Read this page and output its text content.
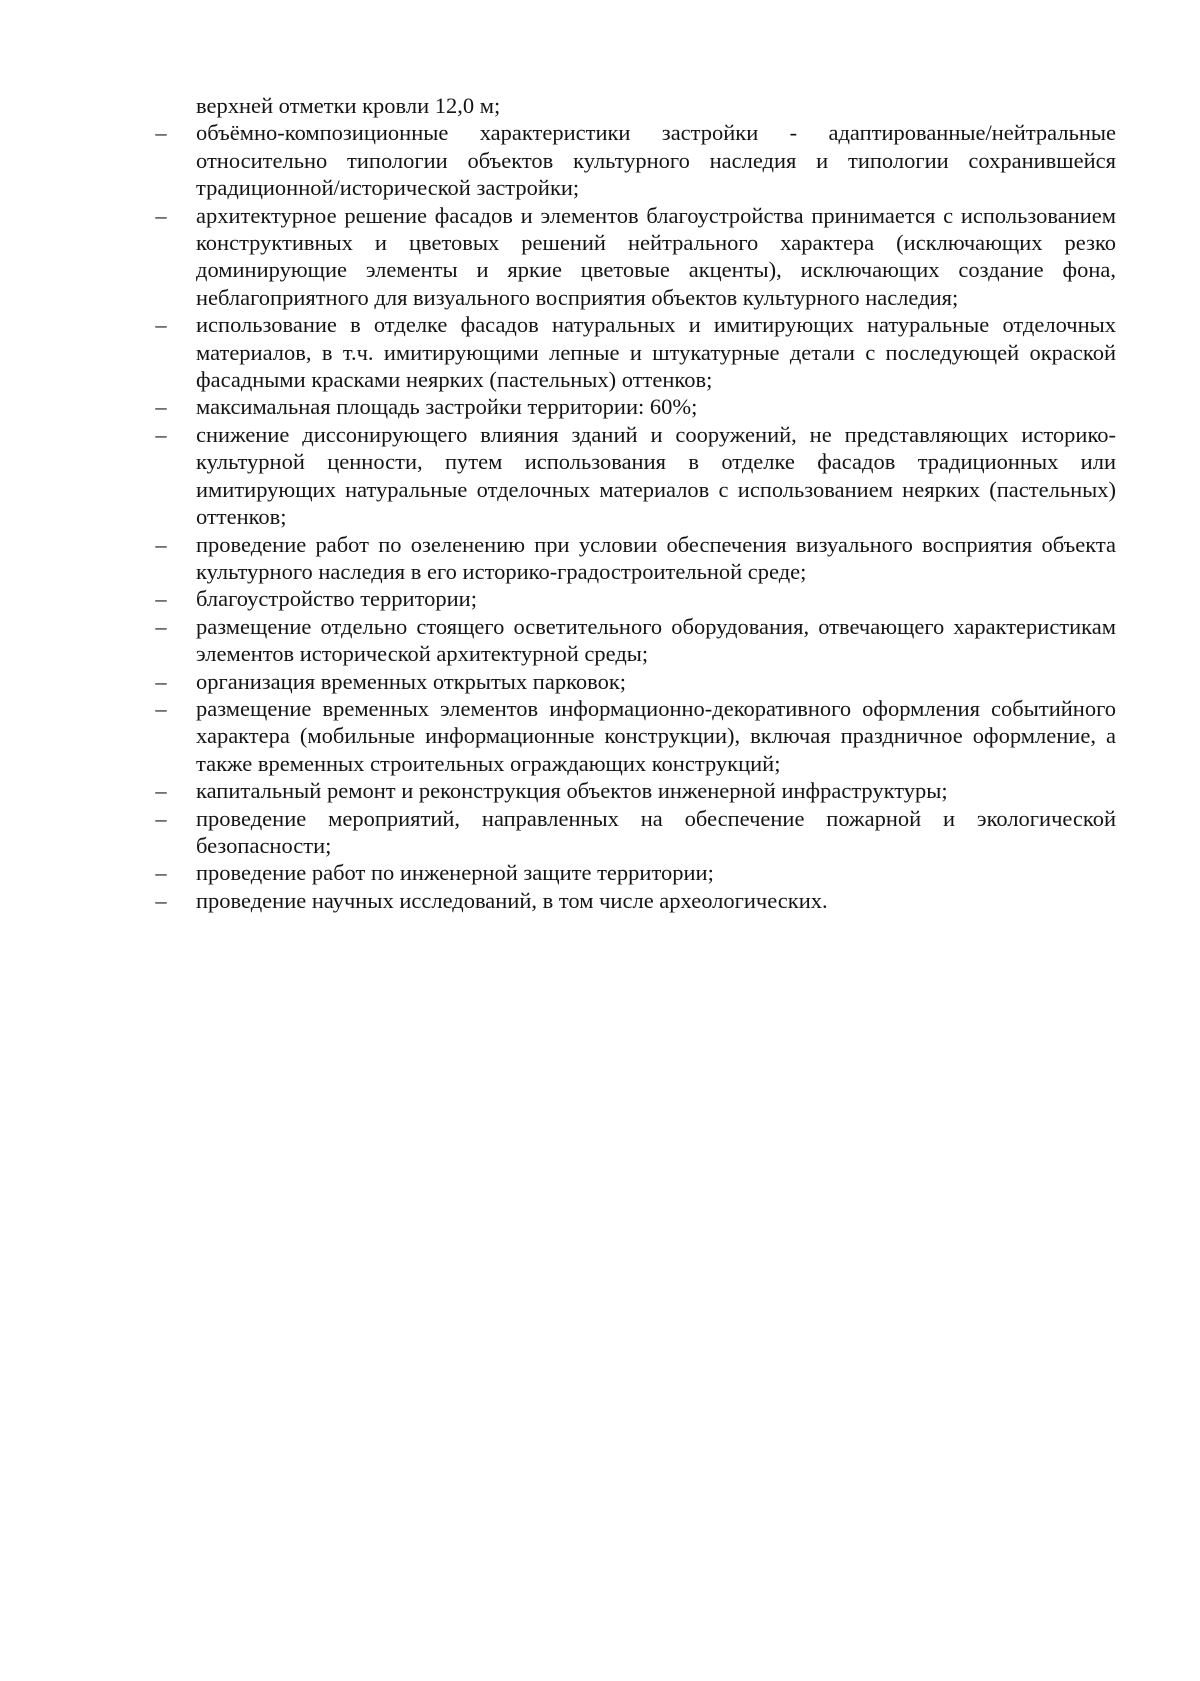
верхней отметки кровли 12,0 м;

– объёмно-композиционные характеристики застройки - адаптированные/нейтральные относительно типологии объектов культурного наследия и типологии сохранившейся традиционной/исторической застройки;
– архитектурное решение фасадов и элементов благоустройства принимается с использованием конструктивных и цветовых решений нейтрального характера (исключающих резко доминирующие элементы и яркие цветовые акценты), исключающих создание фона, неблагоприятного для визуального восприятия объектов культурного наследия;
– использование в отделке фасадов натуральных и имитирующих натуральные отделочных материалов, в т.ч. имитирующими лепные и штукатурные детали с последующей окраской фасадными красками неярких (пастельных) оттенков;
– максимальная площадь застройки территории: 60%;
– снижение диссонирующего влияния зданий и сооружений, не представляющих историко-культурной ценности, путем использования в отделке фасадов традиционных или имитирующих натуральные отделочных материалов с использованием неярких (пастельных) оттенков;
– проведение работ по озеленению при условии обеспечения визуального восприятия объекта культурного наследия в его историко-градостроительной среде;
– благоустройство территории;
– размещение отдельно стоящего осветительного оборудования, отвечающего характеристикам элементов исторической архитектурной среды;
– организация временных открытых парковок;
– размещение временных элементов информационно-декоративного оформления событийного характера (мобильные информационные конструкции), включая праздничное оформление, а также временных строительных ограждающих конструкций;
– капитальный ремонт и реконструкция объектов инженерной инфраструктуры;
– проведение мероприятий, направленных на обеспечение пожарной и экологической безопасности;
– проведение работ по инженерной защите территории;
– проведение научных исследований, в том числе археологических.
